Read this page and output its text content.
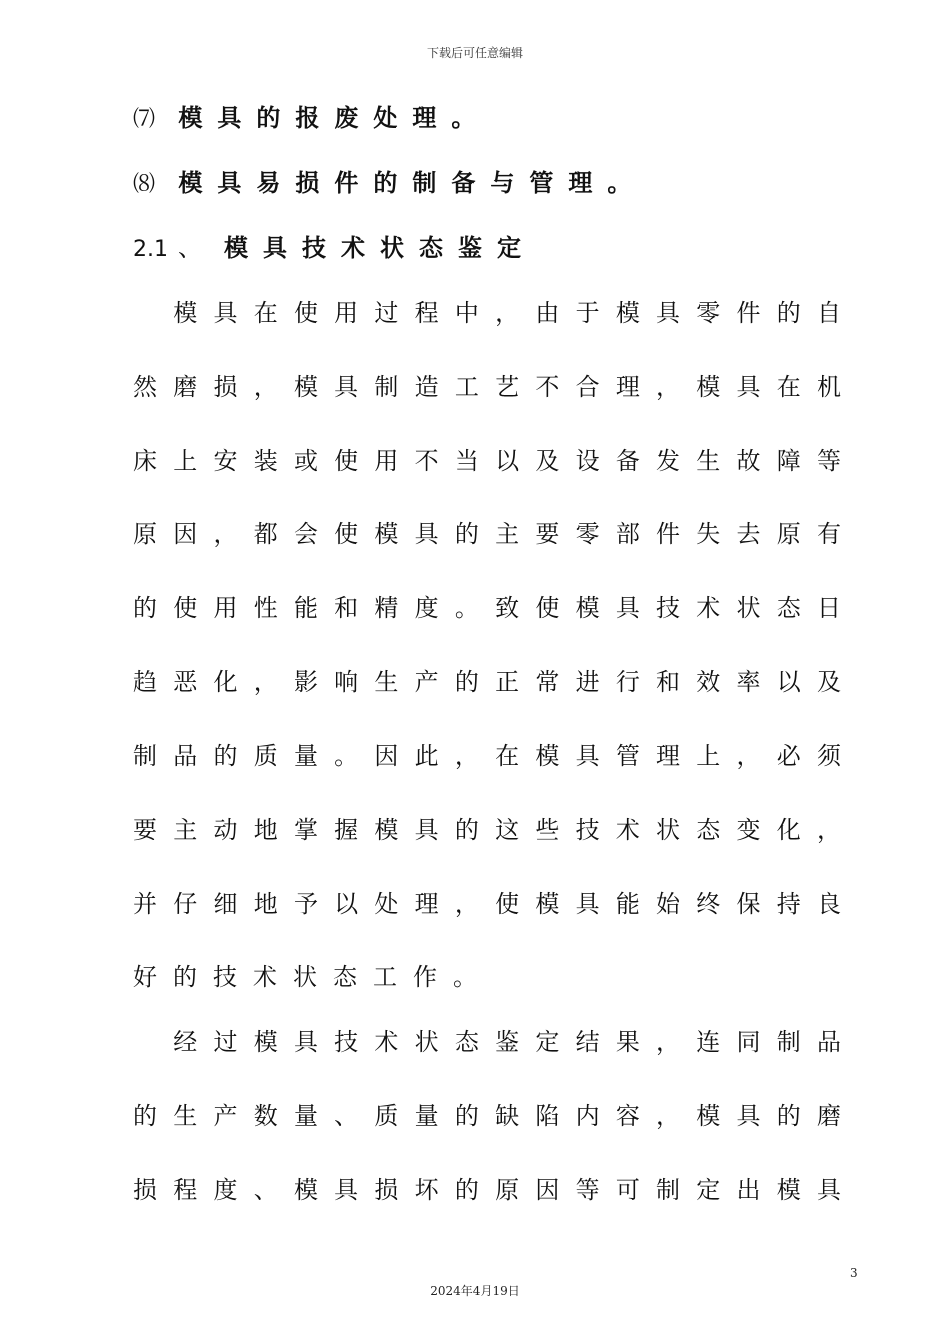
下载后可任意编辑
⑺ 模具的报废处理。
⑻ 模具易损件的制备与管理。
2.1 、 模具技术状态鉴定
　模具在使用过程中，由于模具零件的自
然磨损，模具制造工艺不合理，模具在机
床上安装或使用不当以及设备发生故障等
原因，都会使模具的主要零部件失去原有
的使用性能和精度。致使模具技术状态日
趋恶化，影响生产的正常进行和效率以及
制品的质量。因此，在模具管理上，必须
要主动地掌握模具的这些技术状态变化，
并仔细地予以处理，使模具能始终保持良
好的技术状态工作。
　经过模具技术状态鉴定结果，连同制品
的生产数量、质量的缺陷内容，模具的磨
损程度、模具损坏的原因等可制定出模具
3
2024年4月19日
